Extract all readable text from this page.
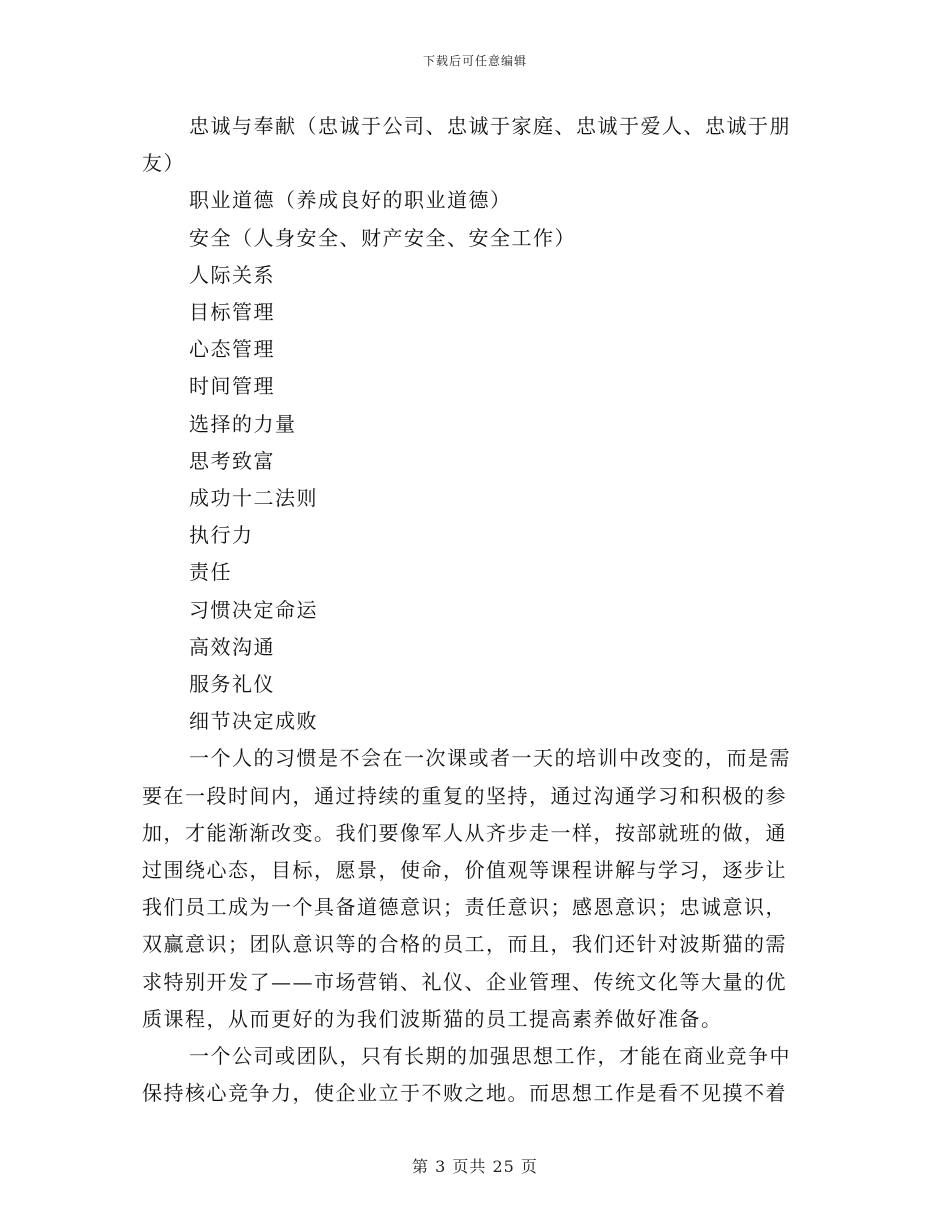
下载后可任意编辑
忠诚与奉献（忠诚于公司、忠诚于家庭、忠诚于爱人、忠诚于朋
友）
职业道德（养成良好的职业道德）
安全（人身安全、财产安全、安全工作）
人际关系
目标管理
心态管理
时间管理
选择的力量
思考致富
成功十二法则
执行力
责任
习惯决定命运
高效沟通
服务礼仪
细节决定成败
一个人的习惯是不会在一次课或者一天的培训中改变的，而是需
要在一段时间内，通过持续的重复的坚持，通过沟通学习和积极的参
加，才能渐渐改变。我们要像军人从齐步走一样，按部就班的做，通
过围绕心态，目标，愿景，使命，价值观等课程讲解与学习，逐步让
我们员工成为一个具备道德意识；责任意识；感恩意识；忠诚意识，
双赢意识；团队意识等的合格的员工，而且，我们还针对波斯猫的需
求特别开发了——市场营销、礼仪、企业管理、传统文化等大量的优
质课程，从而更好的为我们波斯猫的员工提高素养做好准备。
一个公司或团队，只有长期的加强思想工作，才能在商业竞争中
保持核心竞争力，使企业立于不败之地。而思想工作是看不见摸不着
第 3 页共 25 页
